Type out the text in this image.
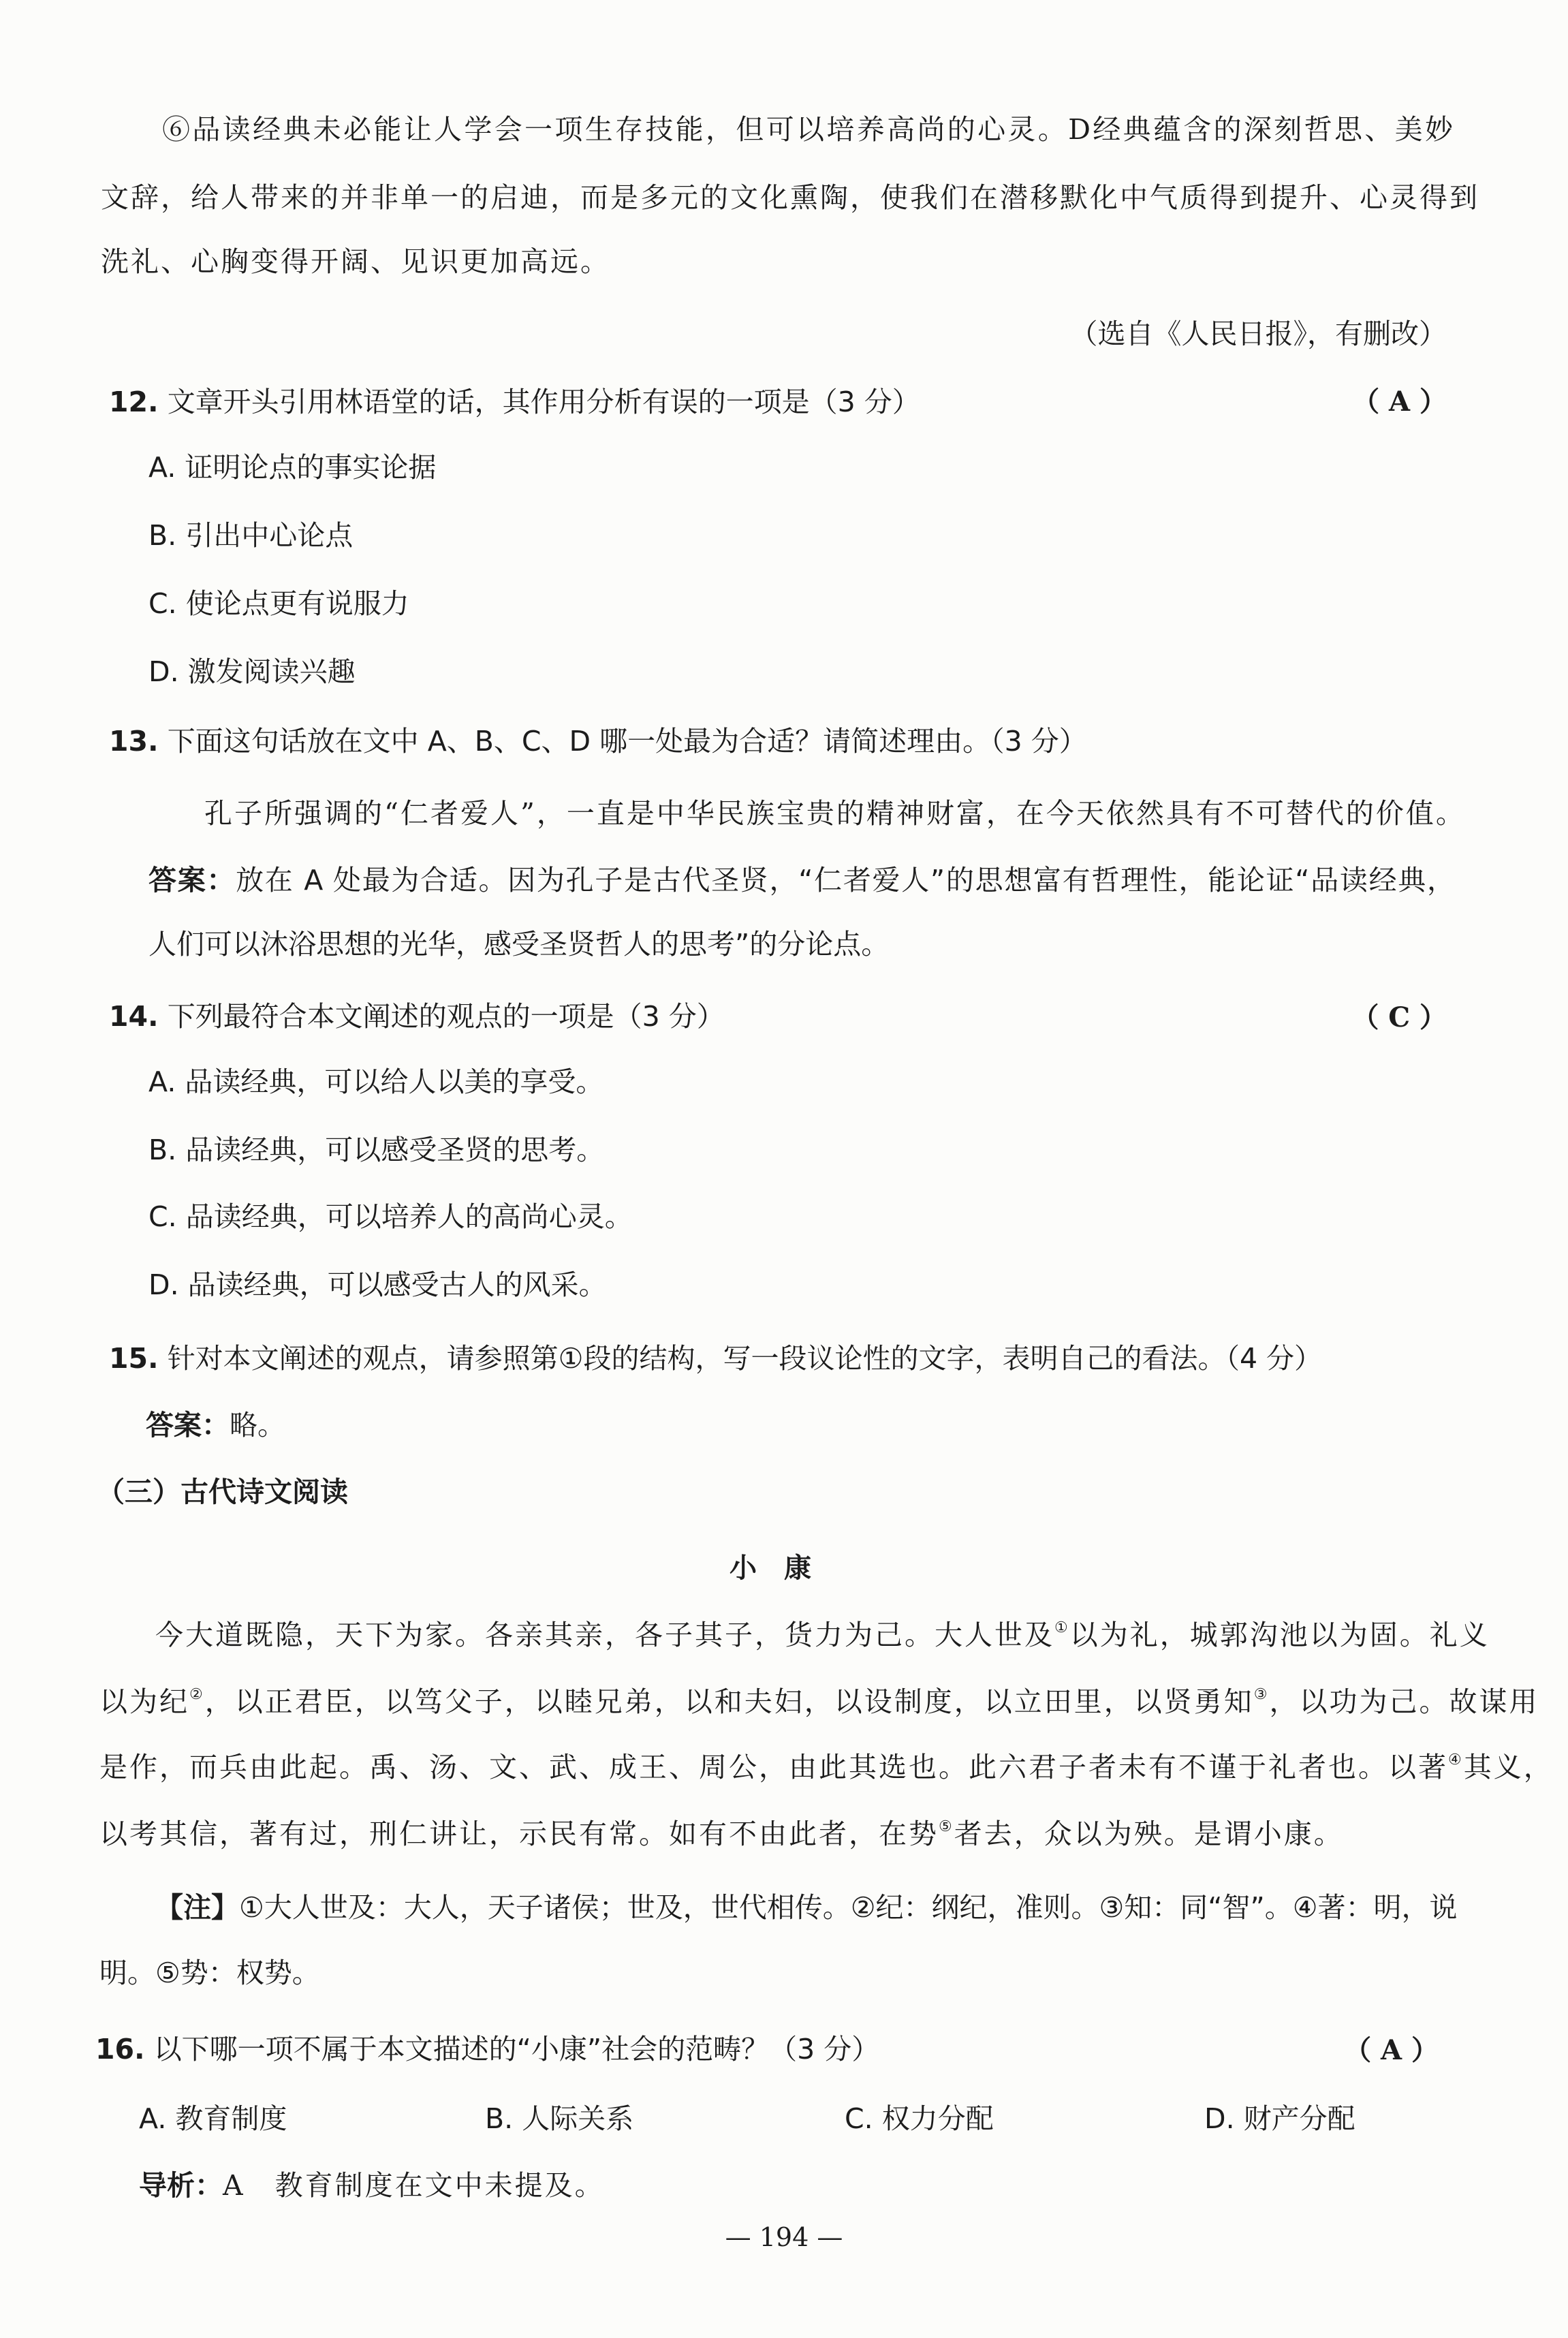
⑥品读经典未必能让人学会一项生存技能，但可以培养高尚的心灵。D经典蕴含的深刻哲思、美妙
文辞，给人带来的并非单一的启迪，而是多元的文化熏陶，使我们在潜移默化中气质得到提升、心灵得到
洗礼、心胸变得开阔、见识更加高远。
（选自《人民日报》，有删改）
12. 文章开头引用林语堂的话，其作用分析有误的一项是（3 分）	（ A ）
A. 证明论点的事实论据
B. 引出中心论点
C. 使论点更有说服力
D. 激发阅读兴趣
13. 下面这句话放在文中 A、B、C、D 哪一处最为合适？请简述理由。（3 分）
孔子所强调的“仁者爱人”，一直是中华民族宝贵的精神财富，在今天依然具有不可替代的价值。
答案：放在 A 处最为合适。因为孔子是古代圣贤，“仁者爱人”的思想富有哲理性，能论证“品读经典，
人们可以沐浴思想的光华，感受圣贤哲人的思考”的分论点。
14. 下列最符合本文阐述的观点的一项是（3 分）	（ C ）
A. 品读经典，可以给人以美的享受。
B. 品读经典，可以感受圣贤的思考。
C. 品读经典，可以培养人的高尚心灵。
D. 品读经典，可以感受古人的风采。
15. 针对本文阐述的观点，请参照第①段的结构，写一段议论性的文字，表明自己的看法。（4 分）
答案：略。
（三）古代诗文阅读
小康
今大道既隐，天下为家。各亲其亲，各子其子，货力为己。大人世及①以为礼，城郭沟池以为固。礼义
以为纪②，以正君臣，以笃父子，以睦兄弟，以和夫妇，以设制度，以立田里，以贤勇知③，以功为己。故谋用
是作，而兵由此起。禹、汤、文、武、成王、周公，由此其选也。此六君子者未有不谨于礼者也。以著④其义，
以考其信，著有过，刑仁讲让，示民有常。如有不由此者，在势⑤者去，众以为殃。是谓小康。
【注】①大人世及：大人，天子诸侯；世及，世代相传。②纪：纲纪，准则。③知：同“智”。④著：明，说
明。⑤势：权势。
16. 以下哪一项不属于本文描述的“小康”社会的范畴？（3 分）	（ A ）
A. 教育制度	B. 人际关系	C. 权力分配	D. 财产分配
导析：A　教育制度在文中未提及。
— 194 —
